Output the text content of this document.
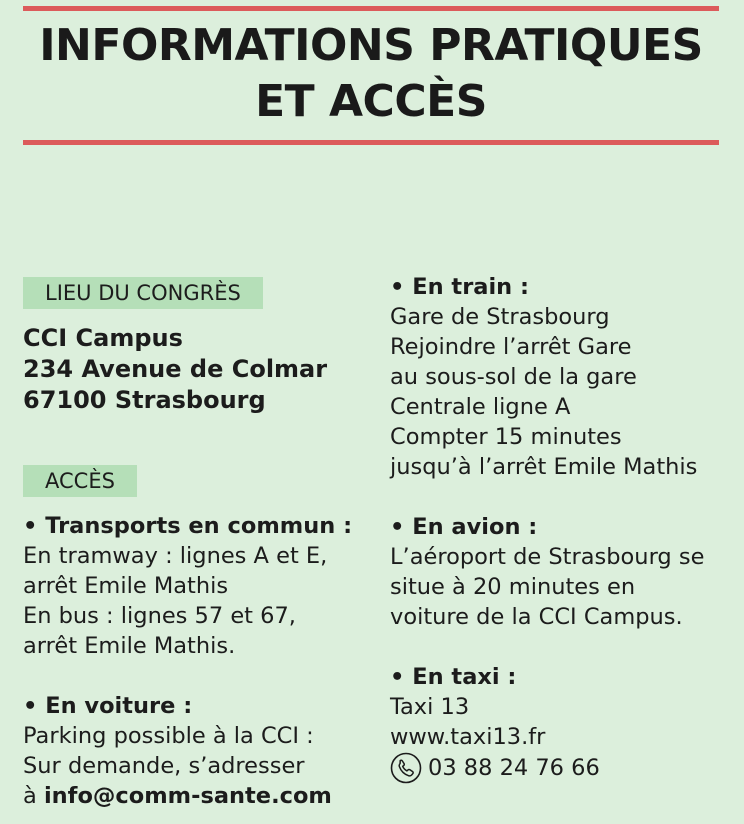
INFORMATIONS PRATIQUES
ET ACCÈS
LIEU DU CONGRÈS
CCI Campus
234 Avenue de Colmar
67100 Strasbourg
ACCÈS
• Transports en commun :
En tramway : lignes A et E,
arrêt Emile Mathis
En bus : lignes 57 et 67,
arrêt Emile Mathis.
• En voiture :
Parking possible à la CCI :
Sur demande, s’adresser
à info@comm-sante.com
• En train :
Gare de Strasbourg
Rejoindre l’arrêt Gare
au sous-sol de la gare
Centrale ligne A
Compter 15 minutes
jusqu’à l’arrêt Emile Mathis
• En avion :
L’aéroport de Strasbourg se
situe à 20 minutes en
voiture de la CCI Campus.
• En taxi :
Taxi 13
www.taxi13.fr
03 88 24 76 66
